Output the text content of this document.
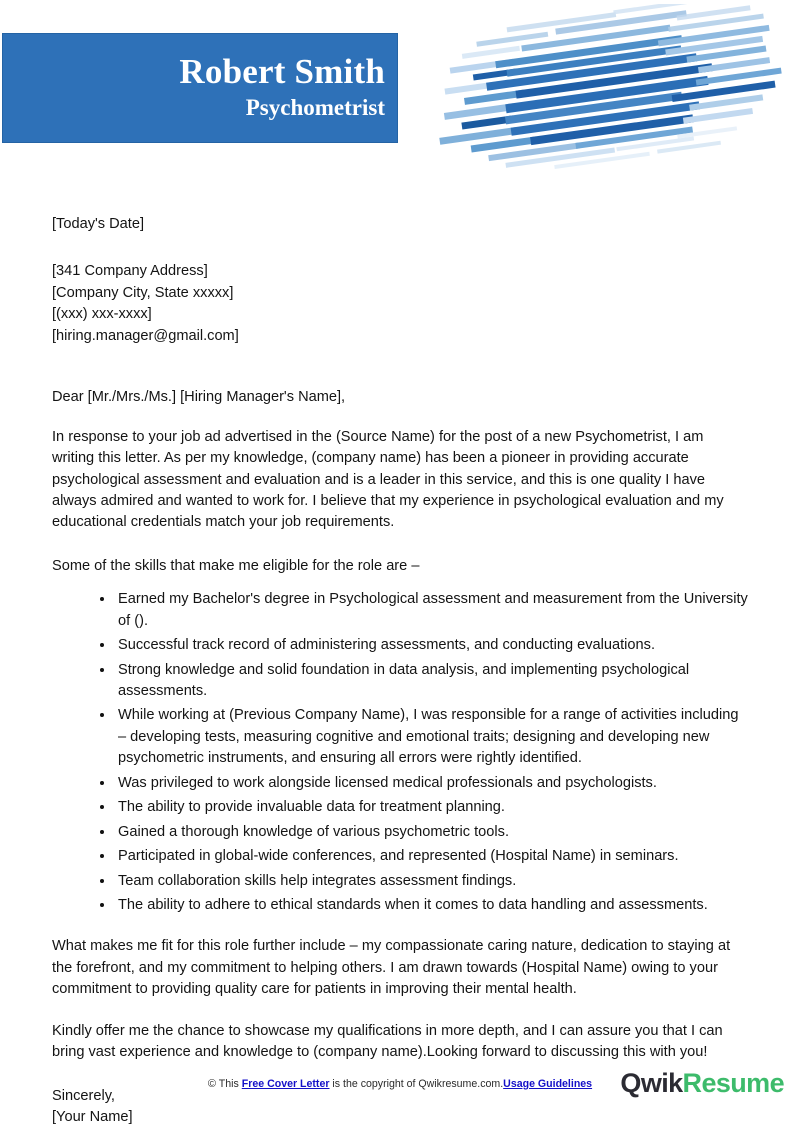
Robert Smith
Psychometrist
[Today's Date]
[341 Company Address]
[Company City, State xxxxx]
[(xxx) xxx-xxxx]
[hiring.manager@gmail.com]
Dear [Mr./Mrs./Ms.] [Hiring Manager's Name],
In response to your job ad advertised in the (Source Name) for the post of a new Psychometrist, I am writing this letter. As per my knowledge, (company name) has been a pioneer in providing accurate psychological assessment and evaluation and is a leader in this service, and this is one quality I have always admired and wanted to work for. I believe that my experience in psychological evaluation and my educational credentials match your job requirements.
Some of the skills that make me eligible for the role are –
Earned my Bachelor's degree in Psychological assessment and measurement from the University of ().
Successful track record of administering assessments, and conducting evaluations.
Strong knowledge and solid foundation in data analysis, and implementing psychological assessments.
While working at (Previous Company Name), I was responsible for a range of activities including – developing tests, measuring cognitive and emotional traits; designing and developing new psychometric instruments, and ensuring all errors were rightly identified.
Was privileged to work alongside licensed medical professionals and psychologists.
The ability to provide invaluable data for treatment planning.
Gained a thorough knowledge of various psychometric tools.
Participated in global-wide conferences, and represented (Hospital Name) in seminars.
Team collaboration skills help integrates assessment findings.
The ability to adhere to ethical standards when it comes to data handling and assessments.
What makes me fit for this role further include – my compassionate caring nature, dedication to staying at the forefront, and my commitment to helping others. I am drawn towards (Hospital Name) owing to your commitment to providing quality care for patients in improving their mental health.
Kindly offer me the chance to showcase my qualifications in more depth, and I can assure you that I can bring vast experience and knowledge to (company name).Looking forward to discussing this with you!
Sincerely,
[Your Name]
© This Free Cover Letter is the copyright of Qwikresume.com.Usage Guidelines	QwikResume
